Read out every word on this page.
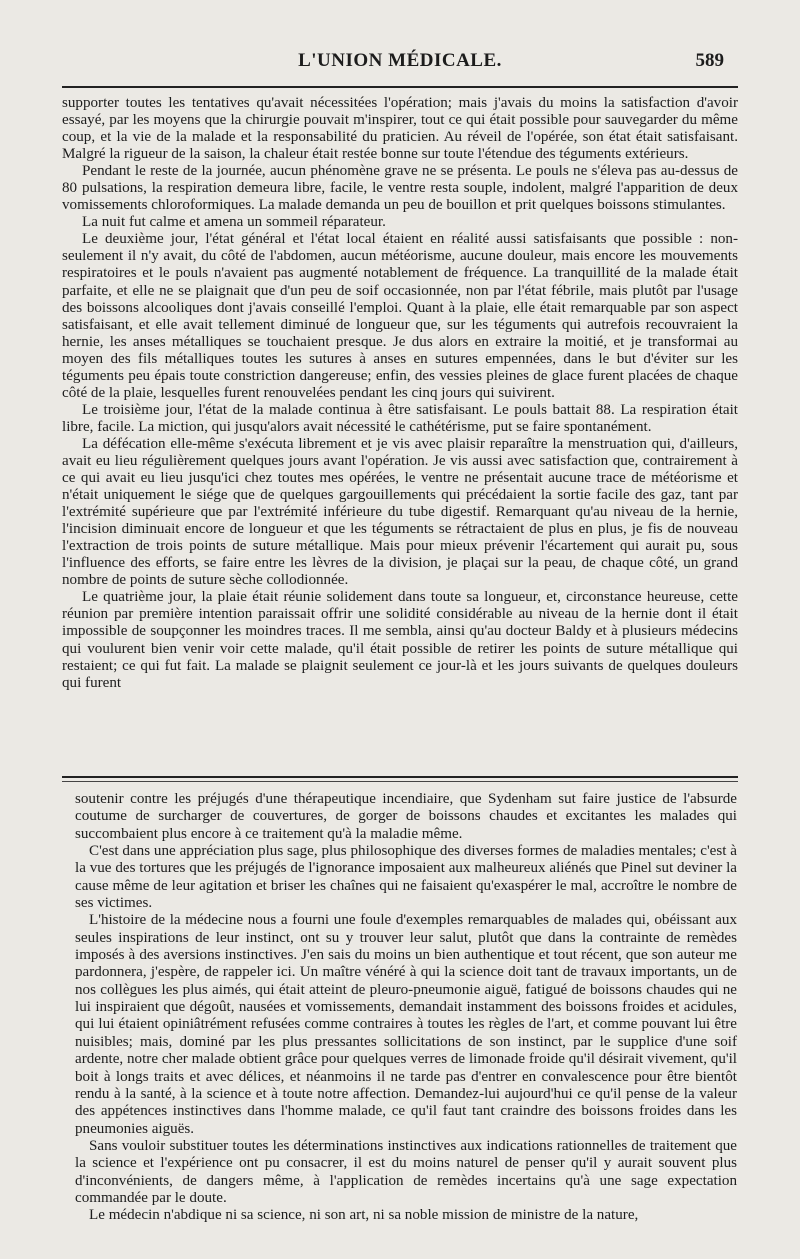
L'UNION MÉDICALE.	589

supporter toutes les tentatives qu'avait nécessitées l'opération; mais j'avais du moins la satisfaction d'avoir essayé, par les moyens que la chirurgie pouvait m'inspirer, tout ce qui était possible pour sauvegarder du même coup, et la vie de la malade et la responsabilité du praticien. Au réveil de l'opérée, son état était satisfaisant. Malgré la rigueur de la saison, la chaleur était restée bonne sur toute l'étendue des téguments extérieurs.

Pendant le reste de la journée, aucun phénomène grave ne se présenta. Le pouls ne s'éleva pas au-dessus de 80 pulsations, la respiration demeura libre, facile, le ventre resta souple, indolent, malgré l'apparition de deux vomissements chloroformiques. La malade demanda un peu de bouillon et prit quelques boissons stimulantes.

La nuit fut calme et amena un sommeil réparateur.

Le deuxième jour, l'état général et l'état local étaient en réalité aussi satisfaisants que possible : non-seulement il n'y avait, du côté de l'abdomen, aucun météorisme, aucune douleur, mais encore les mouvements respiratoires et le pouls n'avaient pas augmenté notablement de fréquence. La tranquillité de la malade était parfaite, et elle ne se plaignait que d'un peu de soif occasionnée, non par l'état fébrile, mais plutôt par l'usage des boissons alcooliques dont j'avais conseillé l'emploi. Quant à la plaie, elle était remarquable par son aspect satisfaisant, et elle avait tellement diminué de longueur que, sur les téguments qui autrefois recouvraient la hernie, les anses métalliques se touchaient presque. Je dus alors en extraire la moitié, et je transformai au moyen des fils métalliques toutes les sutures à anses en sutures empennées, dans le but d'éviter sur les téguments peu épais toute constriction dangereuse; enfin, des vessies pleines de glace furent placées de chaque côté de la plaie, lesquelles furent renouvelées pendant les cinq jours qui suivirent.

Le troisième jour, l'état de la malade continua à être satisfaisant. Le pouls battait 88. La respiration était libre, facile. La miction, qui jusqu'alors avait nécessité le cathétérisme, put se faire spontanément.

La défécation elle-même s'exécuta librement et je vis avec plaisir reparaître la menstruation qui, d'ailleurs, avait eu lieu régulièrement quelques jours avant l'opération. Je vis aussi avec satisfaction que, contrairement à ce qui avait eu lieu jusqu'ici chez toutes mes opérées, le ventre ne présentait aucune trace de météorisme et n'était uniquement le siége que de quelques gargouillements qui précédaient la sortie facile des gaz, tant par l'extrémité supérieure que par l'extrémité inférieure du tube digestif. Remarquant qu'au niveau de la hernie, l'incision diminuait encore de longueur et que les téguments se rétractaient de plus en plus, je fis de nouveau l'extraction de trois points de suture métallique. Mais pour mieux prévenir l'écartement qui aurait pu, sous l'influence des efforts, se faire entre les lèvres de la division, je plaçai sur la peau, de chaque côté, un grand nombre de points de suture sèche collodionnée.

Le quatrième jour, la plaie était réunie solidement dans toute sa longueur, et, circonstance heureuse, cette réunion par première intention paraissait offrir une solidité considérable au niveau de la hernie dont il était impossible de soupçonner les moindres traces. Il me sembla, ainsi qu'au docteur Baldy et à plusieurs médecins qui voulurent bien venir voir cette malade, qu'il était possible de retirer les points de suture métallique qui restaient; ce qui fut fait. La malade se plaignit seulement ce jour-là et les jours suivants de quelques douleurs qui furent

soutenir contre les préjugés d'une thérapeutique incendiaire, que Sydenham sut faire justice de l'absurde coutume de surcharger de couvertures, de gorger de boissons chaudes et excitantes les malades qui succombaient plus encore à ce traitement qu'à la maladie même.

C'est dans une appréciation plus sage, plus philosophique des diverses formes de maladies mentales; c'est à la vue des tortures que les préjugés de l'ignorance imposaient aux malheureux aliénés que Pinel sut deviner la cause même de leur agitation et briser les chaînes qui ne faisaient qu'exaspérer le mal, accroître le nombre de ses victimes.

L'histoire de la médecine nous a fourni une foule d'exemples remarquables de malades qui, obéissant aux seules inspirations de leur instinct, ont su y trouver leur salut, plutôt que dans la contrainte de remèdes imposés à des aversions instinctives. J'en sais du moins un bien authentique et tout récent, que son auteur me pardonnera, j'espère, de rappeler ici. Un maître vénéré à qui la science doit tant de travaux importants, un de nos collègues les plus aimés, qui était atteint de pleuro-pneumonie aiguë, fatigué de boissons chaudes qui ne lui inspiraient que dégoût, nausées et vomissements, demandait instamment des boissons froides et acidules, qui lui étaient opiniâtrément refusées comme contraires à toutes les règles de l'art, et comme pouvant lui être nuisibles; mais, dominé par les plus pressantes sollicitations de son instinct, par le supplice d'une soif ardente, notre cher malade obtient grâce pour quelques verres de limonade froide qu'il désirait vivement, qu'il boit à longs traits et avec délices, et néanmoins il ne tarde pas d'entrer en convalescence pour être bientôt rendu à la santé, à la science et à toute notre affection. Demandez-lui aujourd'hui ce qu'il pense de la valeur des appétences instinctives dans l'homme malade, ce qu'il faut tant craindre des boissons froides dans les pneumonies aiguës.

Sans vouloir substituer toutes les déterminations instinctives aux indications rationnelles de traitement que la science et l'expérience ont pu consacrer, il est du moins naturel de penser qu'il y aurait souvent plus d'inconvénients, de dangers même, à l'application de remèdes incertains qu'à une sage expectation commandée par le doute.

Le médecin n'abdique ni sa science, ni son art, ni sa noble mission de ministre de la nature,
